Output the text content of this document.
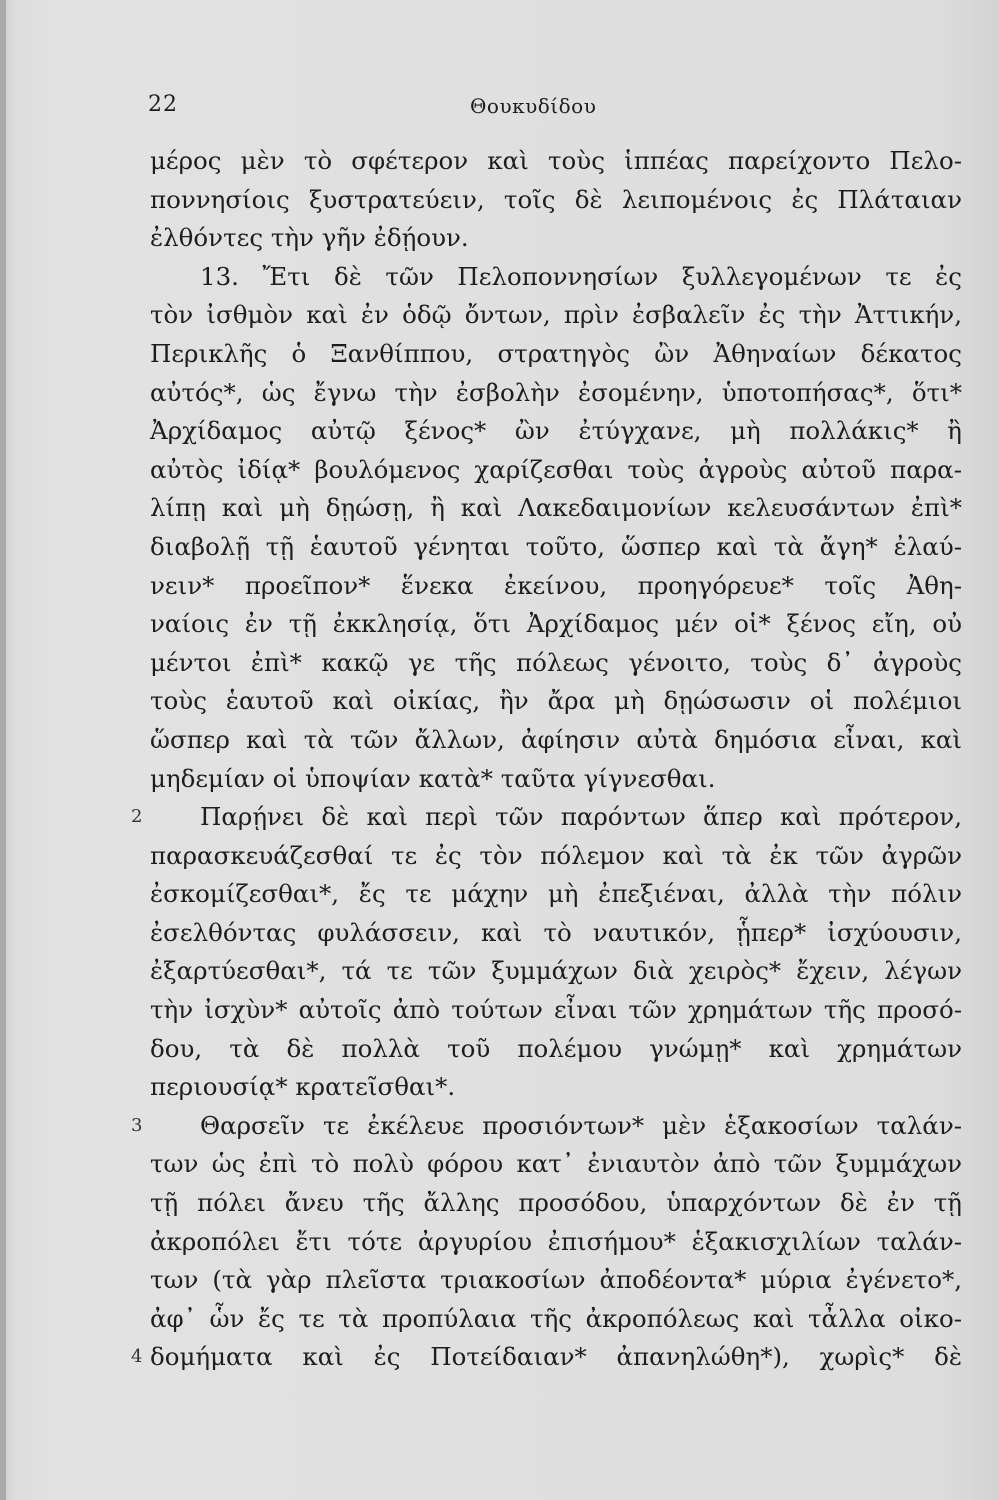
22	Θουκυδίδου
μέρος μὲν τὸ σφέτερον καὶ τοὺς ἱππέας παρείχοντο Πελο-
ποννησίοις ξυστρατεύειν, τοῖς δὲ λειπομένοις ἐς Πλάταιαν
ἐλθόντες τὴν γῆν ἐδῄουν.
13. Ἔτι δὲ τῶν Πελοποννησίων ξυλλεγομένων τε ἐς
τὸν ἰσθμὸν καὶ ἐν ὁδῷ ὄντων, πρὶν ἐσβαλεῖν ἐς τὴν Ἀττικήν,
Περικλῆς ὁ Ξανθίππου, στρατηγὸς ὢν Ἀθηναίων δέκατος
αὐτός*, ὡς ἔγνω τὴν ἐσβολὴν ἐσομένην, ὑποτοπήσας*, ὅτι*
Ἀρχίδαμος αὐτῷ ξένος* ὢν ἐτύγχανε, μὴ πολλάκις* ἢ
αὐτὸς ἰδίᾳ* βουλόμενος χαρίζεσθαι τοὺς ἀγροὺς αὐτοῦ παρα-
λίπῃ καὶ μὴ δῃώσῃ, ἢ καὶ Λακεδαιμονίων κελευσάντων ἐπὶ*
διαβολῇ τῇ ἑαυτοῦ γένηται τοῦτο, ὥσπερ καὶ τὰ ἄγη* ἐλαύ-
νειν* προεῖπον* ἕνεκα ἐκείνου, προηγόρευε* τοῖς Ἀθη-
ναίοις ἐν τῇ ἐκκλησίᾳ, ὅτι Ἀρχίδαμος μέν οἱ* ξένος εἴη, οὐ
μέντοι ἐπὶ* κακῷ γε τῆς πόλεως γένοιτο, τοὺς δ᾽ ἀγροὺς
τοὺς ἑαυτοῦ καὶ οἰκίας, ἢν ἄρα μὴ δῃώσωσιν οἱ πολέμιοι
ὥσπερ καὶ τὰ τῶν ἄλλων, ἀφίησιν αὐτὰ δημόσια εἶναι, καὶ
μηδεμίαν οἱ ὑποψίαν κατὰ* ταῦτα γίγνεσθαι.
2 Παρῄνει δὲ καὶ περὶ τῶν παρόντων ἅπερ καὶ πρότερον,
παρασκευάζεσθαί τε ἐς τὸν πόλεμον καὶ τὰ ἐκ τῶν ἀγρῶν
ἐσκομίζεσθαι*, ἔς τε μάχην μὴ ἐπεξιέναι, ἀλλὰ τὴν πόλιν
ἐσελθόντας φυλάσσειν, καὶ τὸ ναυτικόν, ᾗπερ* ἰσχύουσιν,
ἐξαρτύεσθαι*, τά τε τῶν ξυμμάχων διὰ χειρὸς* ἔχειν, λέγων
τὴν ἰσχὺν* αὐτοῖς ἀπὸ τούτων εἶναι τῶν χρημάτων τῆς προσό-
δου, τὰ δὲ πολλὰ τοῦ πολέμου γνώμῃ* καὶ χρημάτων
περιουσίᾳ* κρατεῖσθαι*.
3 Θαρσεῖν τε ἐκέλευε προσιόντων* μὲν ἑξακοσίων ταλάν-
των ὡς ἐπὶ τὸ πολὺ φόρου κατ᾽ ἐνιαυτὸν ἀπὸ τῶν ξυμμάχων
τῇ πόλει ἄνευ τῆς ἄλλης προσόδου, ὑπαρχόντων δὲ ἐν τῇ
ἀκροπόλει ἔτι τότε ἀργυρίου ἐπισήμου* ἑξακισχιλίων ταλάν-
των (τὰ γὰρ πλεῖστα τριακοσίων ἀποδέοντα* μύρια ἐγένετο*,
ἀφ᾽ ὧν ἔς τε τὰ προπύλαια τῆς ἀκροπόλεως καὶ τἆλλα οἰκο-
4 δομήματα καὶ ἐς Ποτείδαιαν* ἀπανηλώθη*), χωρὶς* δὲ
